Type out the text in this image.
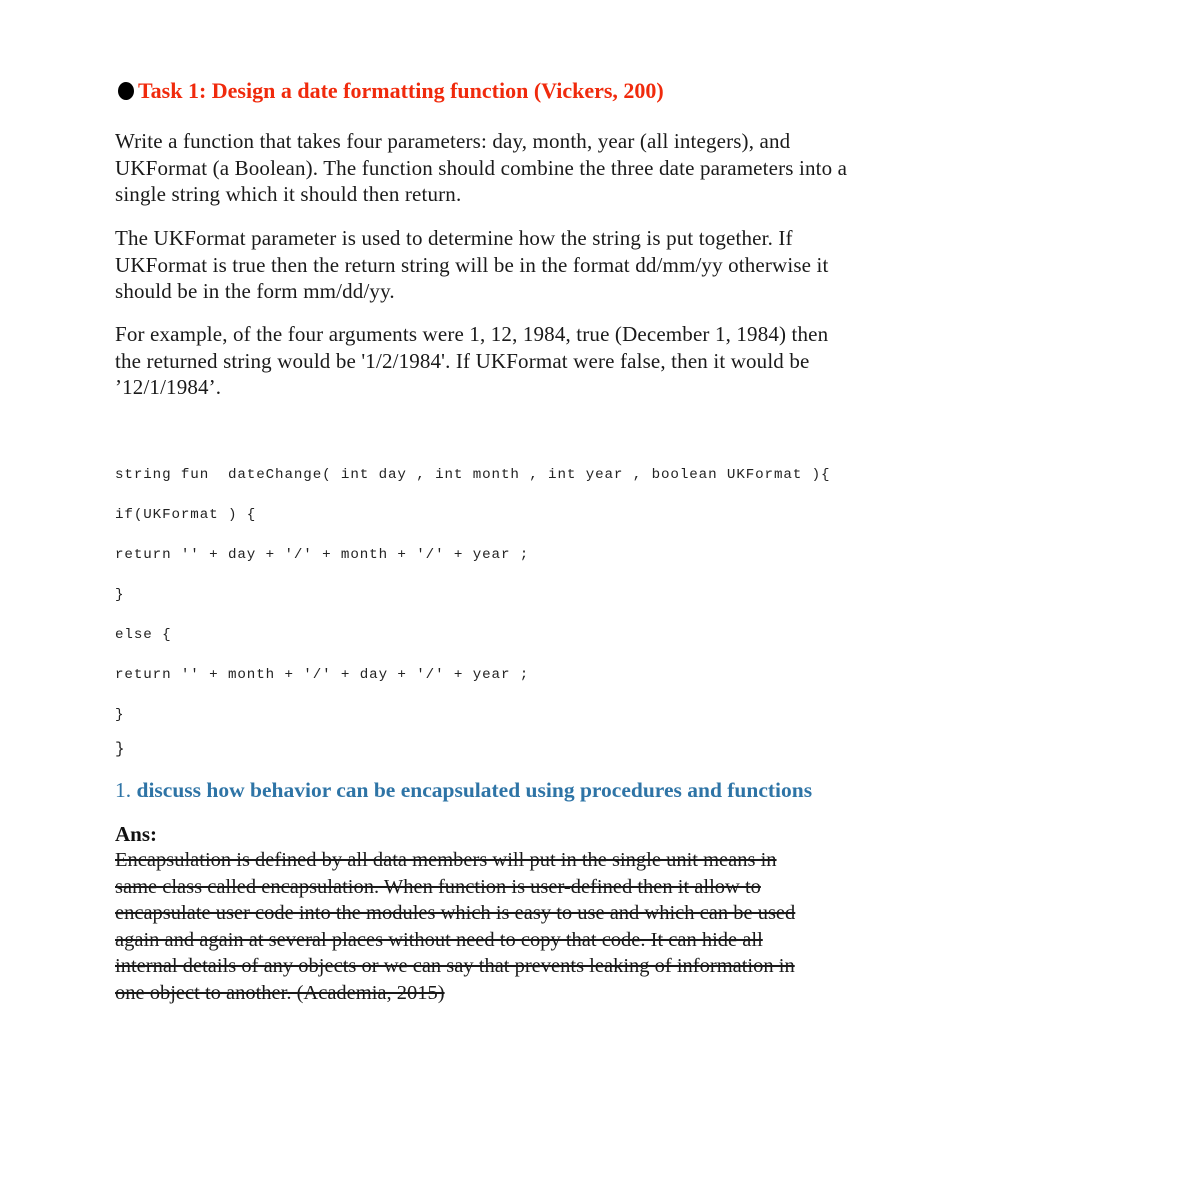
Task 1: Design a date formatting function (Vickers, 200)

Write a function that takes four parameters: day, month, year (all integers), and

UKFormat (a Boolean). The function should combine the three date parameters into a

single string which it should then return.

The UKFormat parameter is used to determine how the string is put together. If

UKFormat is true then the return string will be in the format dd/mm/yy otherwise it

should be in the form mm/dd/yy.

For example, of the four arguments were 1, 12, 1984, true (December 1, 1984) then

the returned string would be '1/2/1984'. If UKFormat were false, then it would be

’12/1/1984’.

string fun  dateChange( int day , int month , int year , boolean UKFormat ){
if(UKFormat ) {
return '' + day + '/' + month + '/' + year ;
}
else {
return '' + month + '/' + day + '/' + year ;
}
}
1. discuss how behavior can be encapsulated using procedures and functions
Ans:
Encapsulation is defined by all data members will put in the single unit means in
same class called encapsulation. When function is user-defined then it allow to
encapsulate user code into the modules which is easy to use and which can be used
again and again at several places without need to copy that code. It can hide all
internal details of any objects or we can say that prevents leaking of information in
one object to another. (Academia, 2015)
